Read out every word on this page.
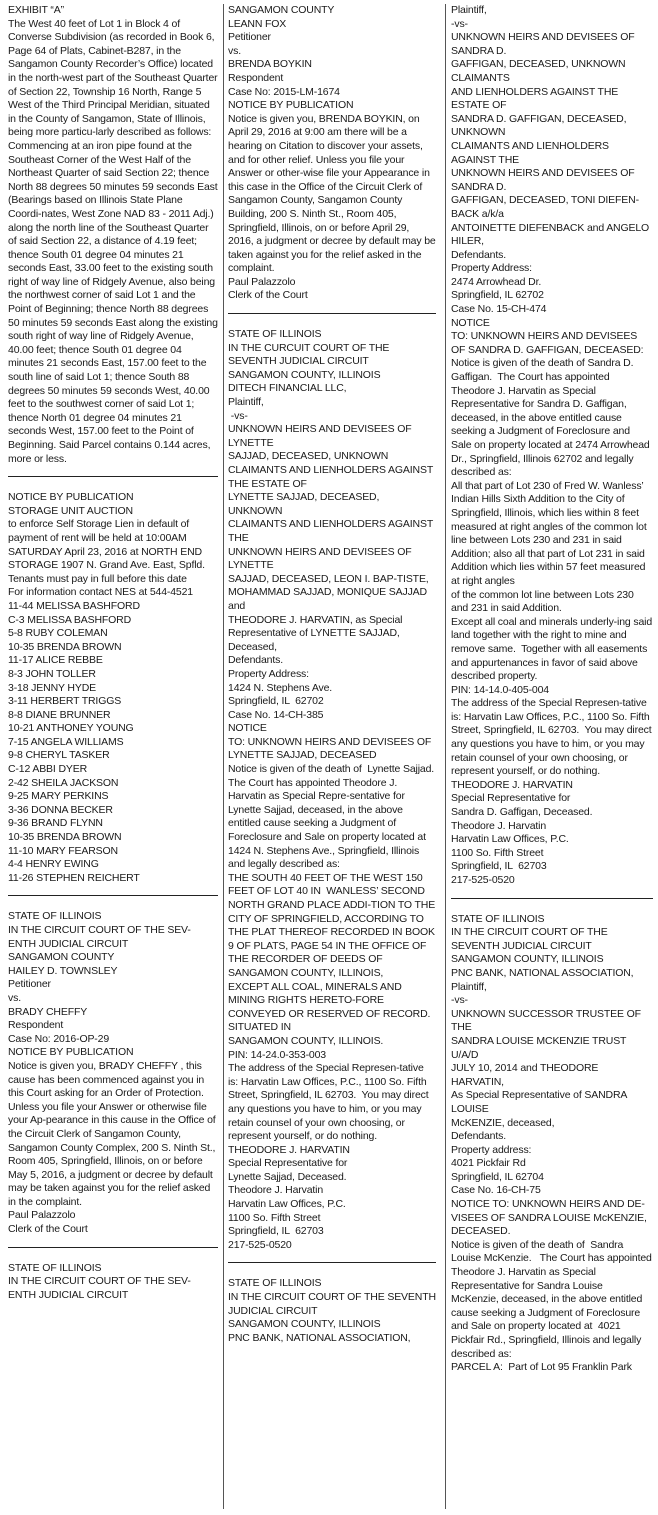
EXHIBIT “A”
The West 40 feet of Lot 1 in Block 4 of Converse Subdivision (as recorded in Book 6, Page 64 of Plats, Cabinet-B287, in the Sangamon County Recorder’s Office) located in the north-west part of the Southeast Quarter of Section 22, Township 16 North, Range 5 West of the Third Principal Meridian, situated in the County of Sangamon, State of Illinois, being more particu-larly described as follows:
Commencing at an iron pipe found at the Southeast Corner of the West Half of the Northeast Quarter of said Section 22; thence North 88 degrees 50 minutes 59 seconds East (Bearings based on Illinois State Plane Coordi-nates, West Zone NAD 83 - 2011 Adj.) along the north line of the Southeast Quarter of said Section 22, a distance of 4.19 feet; thence South 01 degree 04 minutes 21 seconds East, 33.00 feet to the existing south right of way line of Ridgely Avenue, also being the northwest corner of said Lot 1 and the Point of Beginning; thence North 88 degrees 50 minutes 59 seconds East along the existing south right of way line of Ridgely Avenue, 40.00 feet; thence South 01 degree 04 minutes 21 seconds East, 157.00 feet to the south line of said Lot 1; thence South 88 degrees 50 minutes 59 seconds West, 40.00 feet to the southwest corner of said Lot 1; thence North 01 degree 04 minutes 21 seconds West, 157.00 feet to the Point of Beginning. Said Parcel contains 0.144 acres, more or less.
NOTICE BY PUBLICATION
STORAGE UNIT AUCTION
to enforce Self Storage Lien in default of payment of rent will be held at 10:00AM  SATURDAY April 23, 2016 at NORTH END STORAGE 1907 N. Grand Ave. East, Spfld.  Tenants must pay in full before this date
For information contact NES at 544-4521
11-44 MELISSA BASHFORD
C-3 MELISSA BASHFORD
5-8 RUBY COLEMAN
10-35 BRENDA BROWN
11-17 ALICE REBBE
8-3 JOHN TOLLER
3-18 JENNY HYDE
3-11 HERBERT TRIGGS
8-8 DIANE BRUNNER
10-21 ANTHONEY YOUNG
7-15 ANGELA WILLIAMS
9-8 CHERYL TASKER
C-12 ABBI DYER
2-42 SHEILA JACKSON
9-25 MARY PERKINS
3-36 DONNA BECKER
9-36 BRAND FLYNN
10-35 BRENDA BROWN
11-10 MARY FEARSON
4-4 HENRY EWING
11-26 STEPHEN REICHERT
STATE OF ILLINOIS
IN THE CIRCUIT COURT OF THE SEV-ENTH JUDICIAL CIRCUIT
SANGAMON COUNTY
HAILEY D. TOWNSLEY
Petitioner
vs.
BRADY CHEFFY
Respondent
Case No: 2016-OP-29
NOTICE BY PUBLICATION
Notice is given you, BRADY CHEFFY , this cause has been commenced against you in this Court asking for an Order of Protection. Unless you file your Answer or otherwise file your Ap-pearance in this cause in the Office of the Circuit Clerk of Sangamon County, Sangamon County Complex, 200 S. Ninth St., Room 405, Springfield, Illinois, on or before May 5, 2016, a judgment or decree by default may be taken against you for the relief asked in the complaint.
Paul Palazzolo
Clerk of the Court
STATE OF ILLINOIS
IN THE CIRCUIT COURT OF THE SEV-ENTH JUDICIAL CIRCUIT
SANGAMON COUNTY
LEANN FOX
Petitioner
vs.
BRENDA BOYKIN
Respondent
Case No: 2015-LM-1674
NOTICE BY PUBLICATION
Notice is given you, BRENDA BOYKIN, on April 29, 2016 at 9:00 am there will be a hearing on Citation to discover your assets, and for other relief. Unless you file your Answer or other-wise file your Appearance in this case in the Office of the Circuit Clerk of Sangamon County, Sangamon County Building, 200 S. Ninth St., Room 405, Springfield, Illinois, on or before April 29, 2016, a judgment or decree by default may be taken against you for the relief asked in the complaint.
Paul Palazzolo
Clerk of the Court
STATE OF ILLINOIS
IN THE CURCUIT COURT OF THE SEVENTH JUDICIAL CIRCUIT
SANGAMON COUNTY, ILLINOIS
DITECH FINANCIAL LLC,
Plaintiff,
-vs-
UNKNOWN HEIRS AND DEVISEES OF LYNETTE
SAJJAD, DECEASED, UNKNOWN CLAIMANTS AND LIENHOLDERS AGAINST THE ESTATE OF
LYNETTE SAJJAD, DECEASED, UNKNOWN
CLAIMANTS AND LIENHOLDERS AGAINST THE
UNKNOWN HEIRS AND DEVISEES OF LYNETTE
SAJJAD, DECEASED, LEON I. BAP-TISTE,
MOHAMMAD SAJJAD, MONIQUE SAJJAD and
THEODORE J. HARVATIN, as Special Representative of LYNETTE SAJJAD, Deceased,
Defendants.
Property Address:
1424 N. Stephens Ave.
Springfield, IL  62702
Case No. 14-CH-385
NOTICE
TO: UNKNOWN HEIRS AND DEVISEES OF LYNETTE SAJJAD, DECEASED
Notice is given of the death of  Lynette Sajjad.   The Court has appointed Theodore J. Harvatin as Special Repre-sentative for Lynette Sajjad, deceased, in the above entitled cause seeking a Judgment of Foreclosure and Sale on property located at  1424 N. Stephens Ave., Springfield, Illinois and legally described as:
THE SOUTH 40 FEET OF THE WEST 150 FEET OF LOT 40 IN  WANLESS’ SECOND NORTH GRAND PLACE ADDI-TION TO THE   CITY OF SPRINGFIELD, ACCORDING TO THE PLAT THEREOF RECORDED IN BOOK 9 OF PLATS, PAGE 54 IN THE OFFICE OF THE RECORDER OF DEEDS OF SANGAMON COUNTY, ILLINOIS,
EXCEPT ALL COAL, MINERALS AND MINING RIGHTS HERETO-FORE CONVEYED OR RESERVED OF RECORD. SITUATED IN
SANGAMON COUNTY, ILLINOIS.
PIN: 14-24.0-353-003
The address of the Special Represen-tative is: Harvatin Law Offices, P.C., 1100 So. Fifth Street, Springfield, IL 62703.  You may direct any questions you have to him, or you may retain counsel of your own choosing, or represent yourself, or do nothing.
THEODORE J. HARVATIN
Special Representative for
Lynette Sajjad, Deceased.
Theodore J. Harvatin
Harvatin Law Offices, P.C.
1100 So. Fifth Street
Springfield, IL  62703
217-525-0520
STATE OF ILLINOIS
IN THE CIRCUIT COURT OF THE SEVENTH JUDICIAL CIRCUIT
SANGAMON COUNTY, ILLINOIS
PNC BANK, NATIONAL ASSOCIATION,
Plaintiff,
-vs-
UNKNOWN HEIRS AND DEVISEES OF SANDRA D.
GAFFIGAN, DECEASED, UNKNOWN CLAIMANTS
AND LIENHOLDERS AGAINST THE ESTATE OF
SANDRA D. GAFFIGAN, DECEASED, UNKNOWN
CLAIMANTS AND LIENHOLDERS AGAINST THE
UNKNOWN HEIRS AND DEVISEES OF SANDRA D.
GAFFIGAN, DECEASED, TONI DIEFEN-BACK a/k/a
ANTOINETTE DIEFENBACK and ANGELO HILER,
Defendants.
Property Address:
2474 Arrowhead Dr.
Springfield, IL 62702
Case No. 15-CH-474
NOTICE
TO: UNKNOWN HEIRS AND DEVISEES OF SANDRA D. GAFFIGAN, DECEASED:
Notice is given of the death of Sandra D. Gaffigan.  The Court has appointed Theodore J. Harvatin as Special Representative for Sandra D. Gaffigan, deceased, in the above entitled cause seeking a Judgment of Foreclosure and Sale on property located at 2474 Arrowhead Dr., Springfield, Illinois 62702 and legally described as:
All that part of Lot 230 of Fred W. Wanless’ Indian Hills Sixth Addition to the City of Springfield, Illinois, which lies within 8 feet measured at right angles of the common lot line between Lots 230 and 231 in said Addition; also all that part of Lot 231 in said Addition which lies within 57 feet measured at right angles
of the common lot line between Lots 230 and 231 in said Addition.
Except all coal and minerals underly-ing said land together with the right to mine and remove same.  Together with all easements and appurtenances in favor of said above described property.
PIN: 14-14.0-405-004
The address of the Special Represen-tative is: Harvatin Law Offices, P.C., 1100 So. Fifth Street, Springfield, IL 62703.  You may direct any questions you have to him, or you may retain counsel of your own choosing, or represent yourself, or do nothing.
THEODORE J. HARVATIN
Special Representative for
Sandra D. Gaffigan, Deceased.
Theodore J. Harvatin
Harvatin Law Offices, P.C.
1100 So. Fifth Street
Springfield, IL  62703
217-525-0520
STATE OF ILLINOIS
IN THE CIRCUIT COURT OF THE SEVENTH JUDICIAL CIRCUIT
SANGAMON COUNTY, ILLINOIS
PNC BANK, NATIONAL ASSOCIATION,
Plaintiff,
-vs-
UNKNOWN SUCCESSOR TRUSTEE OF THE
SANDRA LOUISE MCKENZIE TRUST U/A/D
JULY 10, 2014 and THEODORE HARVATIN,
As Special Representative of SANDRA LOUISE
McKENZIE, deceased,
Defendants.
Property address:
4021 Pickfair Rd
Springfield, IL 62704
Case No. 16-CH-75
NOTICE TO: UNKNOWN HEIRS AND DE-VISEES OF SANDRA LOUISE McKENZIE, DECEASED.
Notice is given of the death of  Sandra Louise McKenzie.   The Court has appointed Theodore J. Harvatin as Special Representative for Sandra Louise McKenzie, deceased, in the above entitled cause seeking a Judgment of Foreclosure and Sale on property located at  4021 Pickfair Rd., Springfield, Illinois and legally described as:
PARCEL A:  Part of Lot 95 Franklin Park
